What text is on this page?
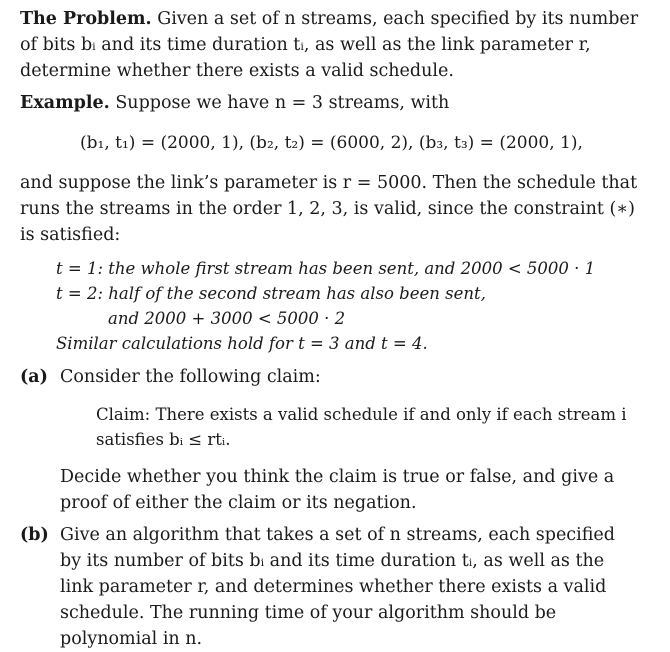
The Problem. Given a set of n streams, each specified by its number of bits bᵢ and its time duration tᵢ, as well as the link parameter r, determine whether there exists a valid schedule.

Example. Suppose we have n = 3 streams, with

(b₁, t₁) = (2000, 1), (b₂, t₂) = (6000, 2), (b₃, t₃) = (2000, 1),

and suppose the link’s parameter is r = 5000. Then the schedule that runs the streams in the order 1, 2, 3, is valid, since the constraint (∗) is satisfied:

t = 1: the whole first stream has been sent, and 2000 < 5000 · 1
t = 2: half of the second stream has also been sent,
and 2000 + 3000 < 5000 · 2
Similar calculations hold for t = 3 and t = 4.
(a) Consider the following claim:
Claim: There exists a valid schedule if and only if each stream i satisfies bᵢ ≤ rtᵢ.

Decide whether you think the claim is true or false, and give a proof of either the claim or its negation.

(b) Give an algorithm that takes a set of n streams, each specified by its number of bits bᵢ and its time duration tᵢ, as well as the link parameter r, and determines whether there exists a valid schedule. The running time of your algorithm should be polynomial in n.
